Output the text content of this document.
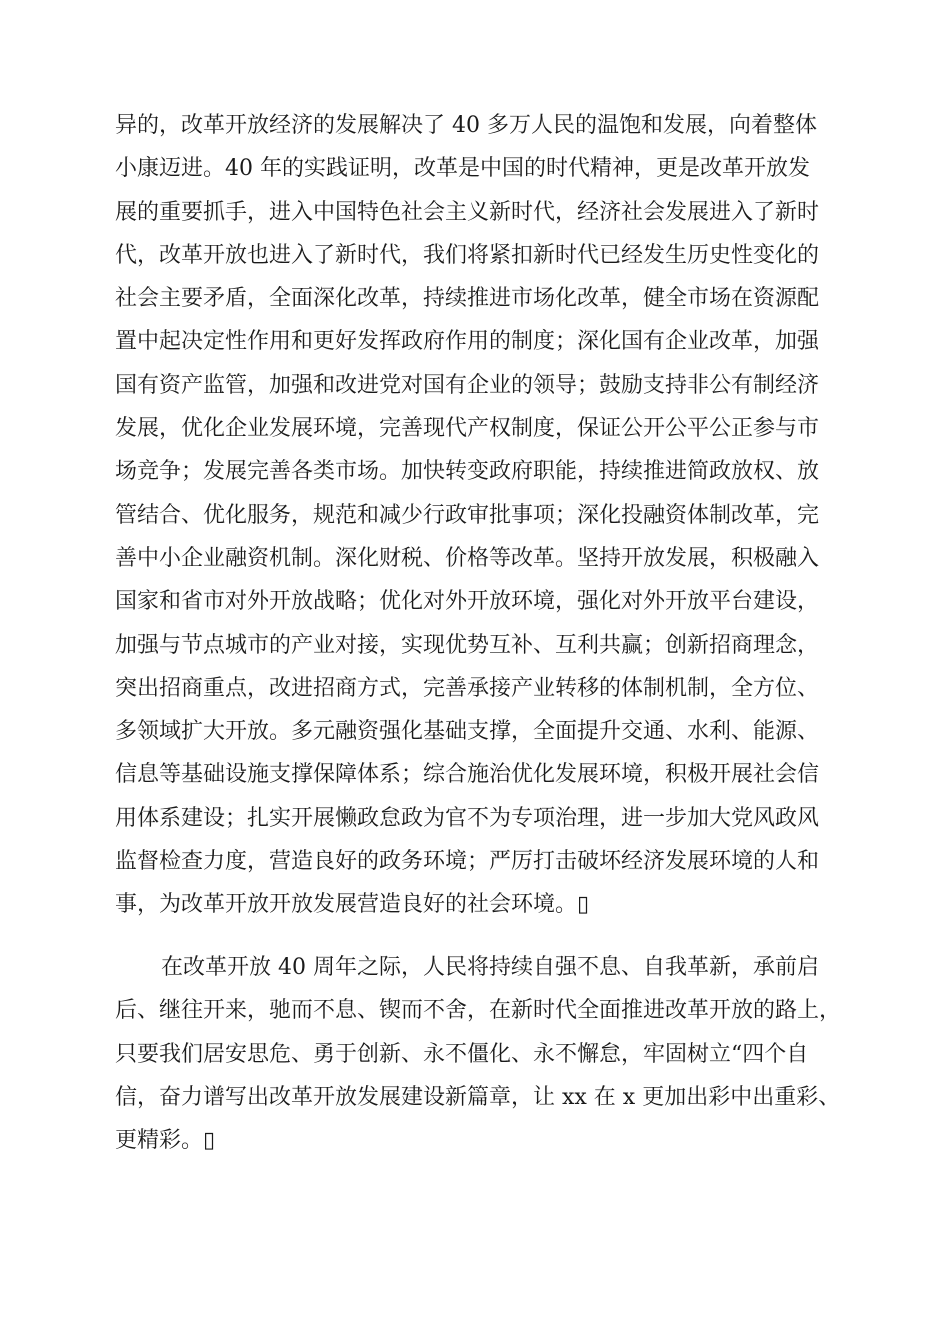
异的，改革开放经济的发展解决了 40 多万人民的温饱和发展，向着整体
小康迈进。40 年的实践证明，改革是中国的时代精神，更是改革开放发
展的重要抓手，进入中国特色社会主义新时代，经济社会发展进入了新时
代，改革开放也进入了新时代，我们将紧扣新时代已经发生历史性变化的
社会主要矛盾，全面深化改革，持续推进市场化改革，健全市场在资源配
置中起决定性作用和更好发挥政府作用的制度；深化国有企业改革，加强
国有资产监管，加强和改进党对国有企业的领导；鼓励支持非公有制经济
发展，优化企业发展环境，完善现代产权制度，保证公开公平公正参与市
场竞争；发展完善各类市场。加快转变政府职能，持续推进简政放权、放
管结合、优化服务，规范和减少行政审批事项；深化投融资体制改革，完
善中小企业融资机制。深化财税、价格等改革。坚持开放发展，积极融入
国家和省市对外开放战略；优化对外开放环境，强化对外开放平台建设，
加强与节点城市的产业对接，实现优势互补、互利共赢；创新招商理念，
突出招商重点，改进招商方式，完善承接产业转移的体制机制，全方位、
多领域扩大开放。多元融资强化基础支撑，全面提升交通、水利、能源、
信息等基础设施支撑保障体系；综合施治优化发展环境，积极开展社会信
用体系建设；扎实开展懒政怠政为官不为专项治理，进一步加大党风政风
监督检查力度，营造良好的政务环境；严厉打击破坏经济发展环境的人和
事，为改革开放开放发展营造良好的社会环境。▯
在改革开放 40 周年之际，人民将持续自强不息、自我革新，承前启
后、继往开来，驰而不息、锲而不舍，在新时代全面推进改革开放的路上，
只要我们居安思危、勇于创新、永不僵化、永不懈怠，牢固树立“四个自
信，奋力谱写出改革开放发展建设新篇章，让 xx 在 x 更加出彩中出重彩、
更精彩。▯
